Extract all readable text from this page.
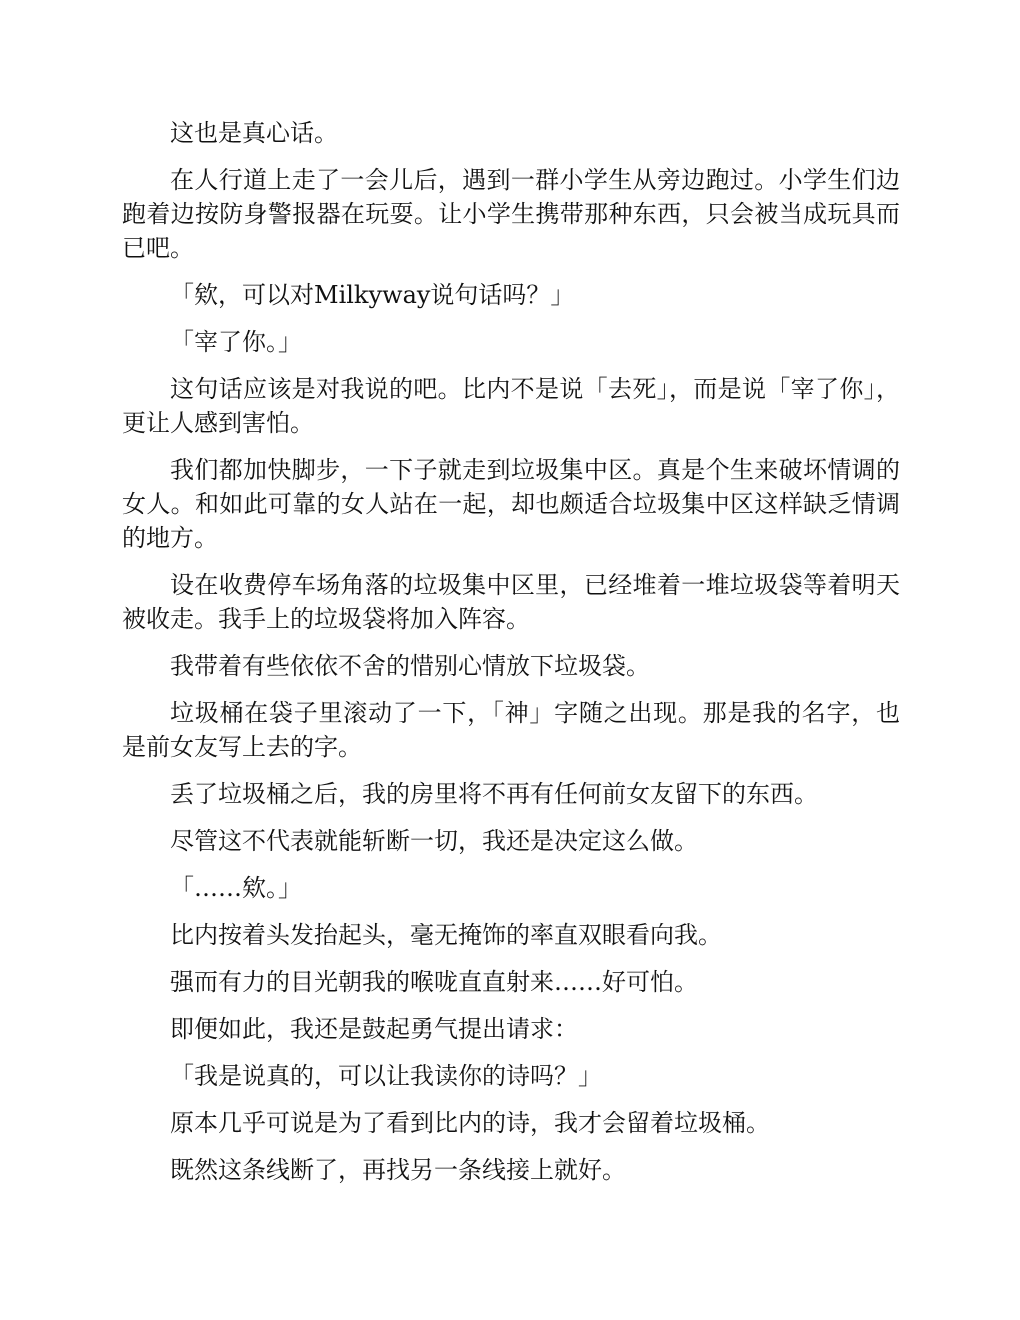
这也是真心话。

在人行道上走了一会儿后，遇到一群小学生从旁边跑过。小学生们边跑着边按防身警报器在玩耍。让小学生携带那种东西，只会被当成玩具而已吧。

「欸，可以对Milkyway说句话吗？」

「宰了你。」

这句话应该是对我说的吧。比内不是说「去死」，而是说「宰了你」，更让人感到害怕。

我们都加快脚步，一下子就走到垃圾集中区。真是个生来破坏情调的女人。和如此可靠的女人站在一起，却也颇适合垃圾集中区这样缺乏情调的地方。

设在收费停车场角落的垃圾集中区里，已经堆着一堆垃圾袋等着明天被收走。我手上的垃圾袋将加入阵容。

我带着有些依依不舍的惜别心情放下垃圾袋。

垃圾桶在袋子里滚动了一下，「神」字随之出现。那是我的名字，也是前女友写上去的字。

丢了垃圾桶之后，我的房里将不再有任何前女友留下的东西。

尽管这不代表就能斩断一切，我还是决定这么做。

「……欸。」

比内按着头发抬起头，毫无掩饰的率直双眼看向我。

强而有力的目光朝我的喉咙直直射来……好可怕。

即便如此，我还是鼓起勇气提出请求：

「我是说真的，可以让我读你的诗吗？」

原本几乎可说是为了看到比内的诗，我才会留着垃圾桶。

既然这条线断了，再找另一条线接上就好。
